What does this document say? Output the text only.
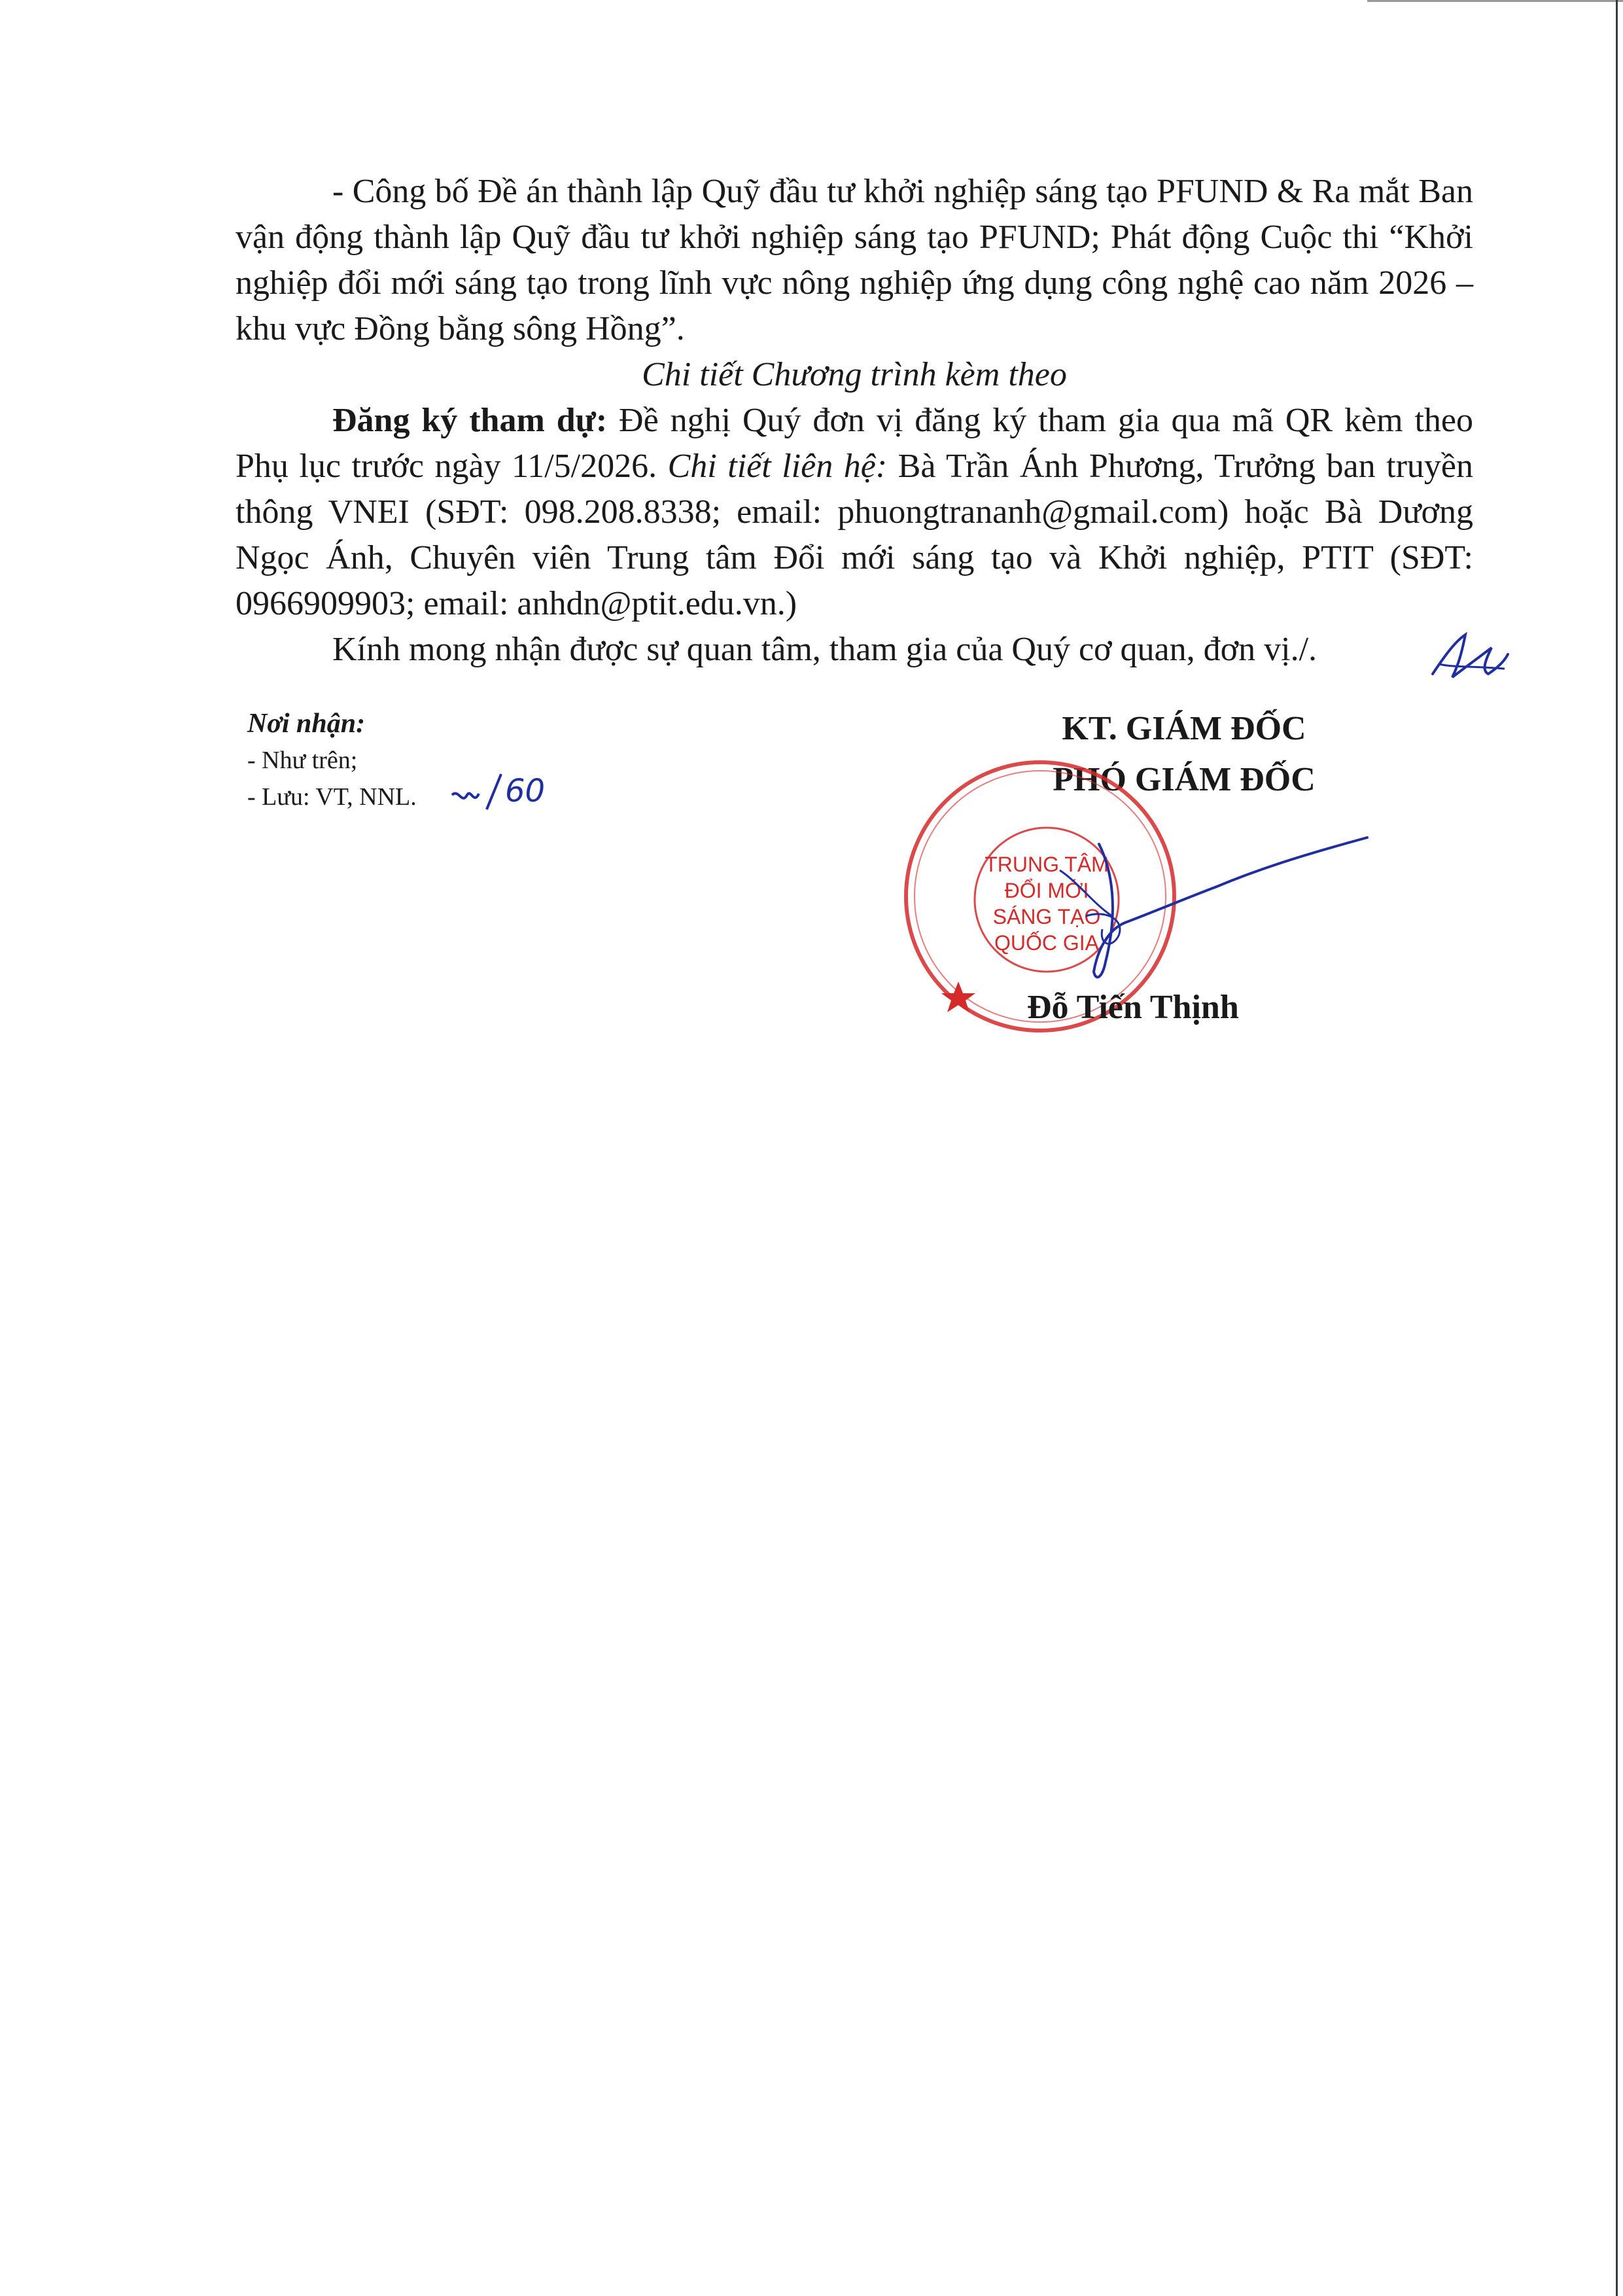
- Công bố Đề án thành lập Quỹ đầu tư khởi nghiệp sáng tạo PFUND & Ra mắt Ban vận động thành lập Quỹ đầu tư khởi nghiệp sáng tạo PFUND; Phát động Cuộc thi “Khởi nghiệp đổi mới sáng tạo trong lĩnh vực nông nghiệp ứng dụng công nghệ cao năm 2026 – khu vực Đồng bằng sông Hồng”.

Chi tiết Chương trình kèm theo

Đăng ký tham dự: Đề nghị Quý đơn vị đăng ký tham gia qua mã QR kèm theo Phụ lục trước ngày 11/5/2026. Chi tiết liên hệ: Bà Trần Ánh Phương, Trưởng ban truyền thông VNEI (SĐT: 098.208.8338; email: phuongtrananh@gmail.com) hoặc Bà Dương Ngọc Ánh, Chuyên viên Trung tâm Đổi mới sáng tạo và Khởi nghiệp, PTIT (SĐT: 0966909903; email: anhdn@ptit.edu.vn.)

Kính mong nhận được sự quan tâm, tham gia của Quý cơ quan, đơn vị./.

Nơi nhận:
- Như trên;
- Lưu: VT, NNL.	60
KT. GIÁM ĐỐC
PHÓ GIÁM ĐỐC
TRUNG TÂM
ĐỔI MỚI
SÁNG TẠO
QUỐC GIA
Đỗ Tiến Thịnh
